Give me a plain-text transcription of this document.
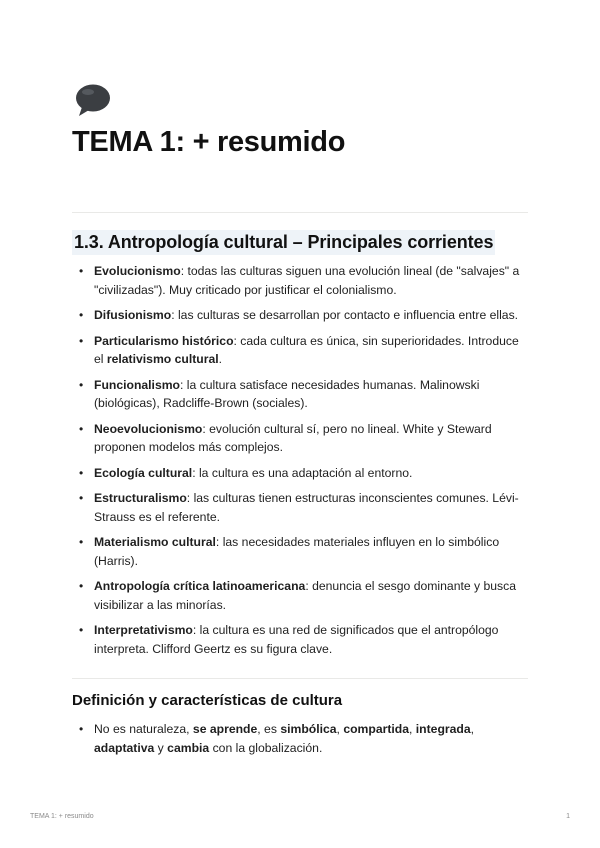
TEMA 1: + resumido
1.3. Antropología cultural – Principales corrientes
• Evolucionismo: todas las culturas siguen una evolución lineal (de "salvajes" a "civilizadas"). Muy criticado por justificar el colonialismo.
• Difusionismo: las culturas se desarrollan por contacto e influencia entre ellas.
• Particularismo histórico: cada cultura es única, sin superioridades. Introduce el relativismo cultural.
• Funcionalismo: la cultura satisface necesidades humanas. Malinowski (biológicas), Radcliffe-Brown (sociales).
• Neoevolucionismo: evolución cultural sí, pero no lineal. White y Steward proponen modelos más complejos.
• Ecología cultural: la cultura es una adaptación al entorno.
• Estructuralismo: las culturas tienen estructuras inconscientes comunes. Lévi-Strauss es el referente.
• Materialismo cultural: las necesidades materiales influyen en lo simbólico (Harris).
• Antropología crítica latinoamericana: denuncia el sesgo dominante y busca visibilizar a las minorías.
• Interpretativismo: la cultura es una red de significados que el antropólogo interpreta. Clifford Geertz es su figura clave.
Definición y características de cultura
• No es naturaleza, se aprende, es simbólica, compartida, integrada, adaptativa y cambia con la globalización.
TEMA 1: + resumido	1
